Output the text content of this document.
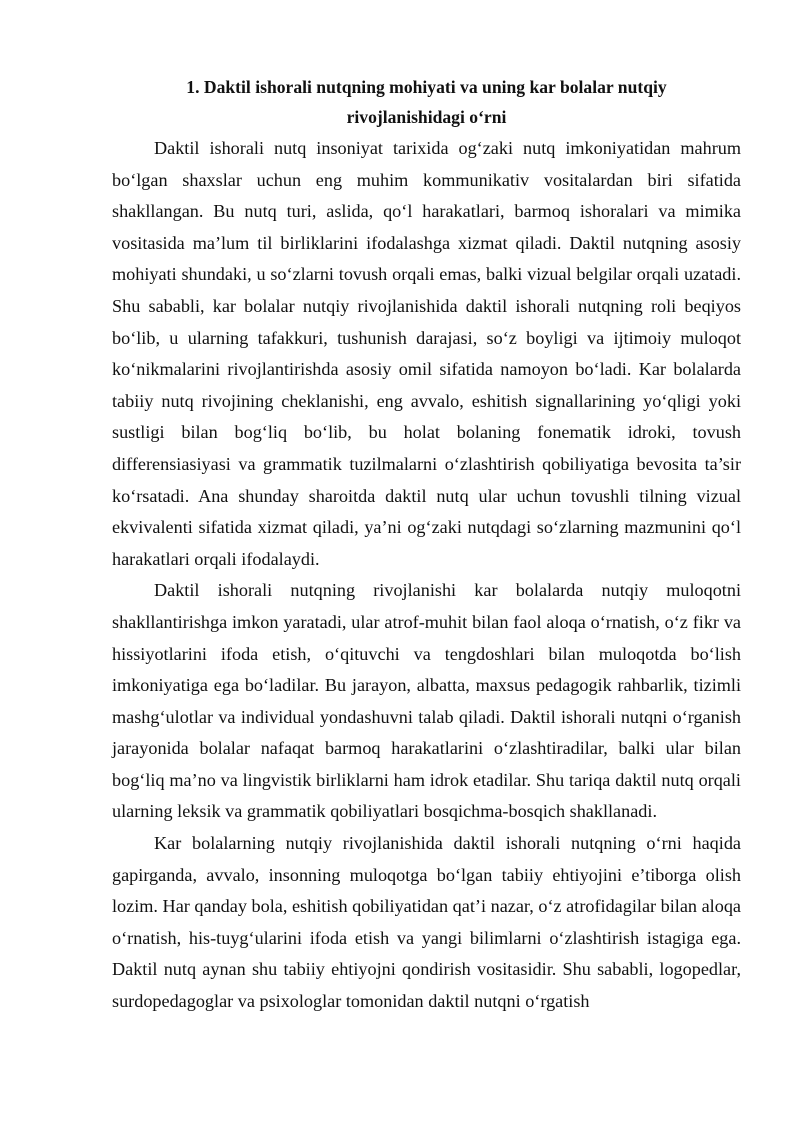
1. Daktil ishorali nutqning mohiyati va uning kar bolalar nutqiy
rivojlanishidagi o‘rni

Daktil ishorali nutq insoniyat tarixida og‘zaki nutq imkoniyatidan mahrum bo‘lgan shaxslar uchun eng muhim kommunikativ vositalardan biri sifatida shakllangan. Bu nutq turi, aslida, qo‘l harakatlari, barmoq ishoralari va mimika vositasida ma’lum til birliklarini ifodalashga xizmat qiladi. Daktil nutqning asosiy mohiyati shundaki, u so‘zlarni tovush orqali emas, balki vizual belgilar orqali uzatadi. Shu sababli, kar bolalar nutqiy rivojlanishida daktil ishorali nutqning roli beqiyos bo‘lib, u ularning tafakkuri, tushunish darajasi, so‘z boyligi va ijtimoiy muloqot ko‘nikmalarini rivojlantirishda asosiy omil sifatida namoyon bo‘ladi. Kar bolalarda tabiiy nutq rivojining cheklanishi, eng avvalo, eshitish signallarining yo‘qligi yoki sustligi bilan bog‘liq bo‘lib, bu holat bolaning fonematik idroki, tovush differensiasiyasi va grammatik tuzilmalarni o‘zlashtirish qobiliyatiga bevosita ta’sir ko‘rsatadi. Ana shunday sharoitda daktil nutq ular uchun tovushli tilning vizual ekvivalenti sifatida xizmat qiladi, ya’ni og‘zaki nutqdagi so‘zlarning mazmunini qo‘l harakatlari orqali ifodalaydi.

Daktil ishorali nutqning rivojlanishi kar bolalarda nutqiy muloqotni shakllantirishga imkon yaratadi, ular atrof-muhit bilan faol aloqa o‘rnatish, o‘z fikr va hissiyotlarini ifoda etish, o‘qituvchi va tengdoshlari bilan muloqotda bo‘lish imkoniyatiga ega bo‘ladilar. Bu jarayon, albatta, maxsus pedagogik rahbarlik, tizimli mashg‘ulotlar va individual yondashuvni talab qiladi. Daktil ishorali nutqni o‘rganish jarayonida bolalar nafaqat barmoq harakatlarini o‘zlashtiradilar, balki ular bilan bog‘liq ma’no va lingvistik birliklarni ham idrok etadilar. Shu tariqa daktil nutq orqali ularning leksik va grammatik qobiliyatlari bosqichma-bosqich shakllanadi.

Kar bolalarning nutqiy rivojlanishida daktil ishorali nutqning o‘rni haqida gapirganda, avvalo, insonning muloqotga bo‘lgan tabiiy ehtiyojini e’tiborga olish lozim. Har qanday bola, eshitish qobiliyatidan qat’i nazar, o‘z atrofidagilar bilan aloqa o‘rnatish, his-tuyg‘ularini ifoda etish va yangi bilimlarni o‘zlashtirish istagiga ega. Daktil nutq aynan shu tabiiy ehtiyojni qondirish vositasidir. Shu sababli, logopedlar, surdopedagoglar va psixologlar tomonidan daktil nutqni o‘rgatish
